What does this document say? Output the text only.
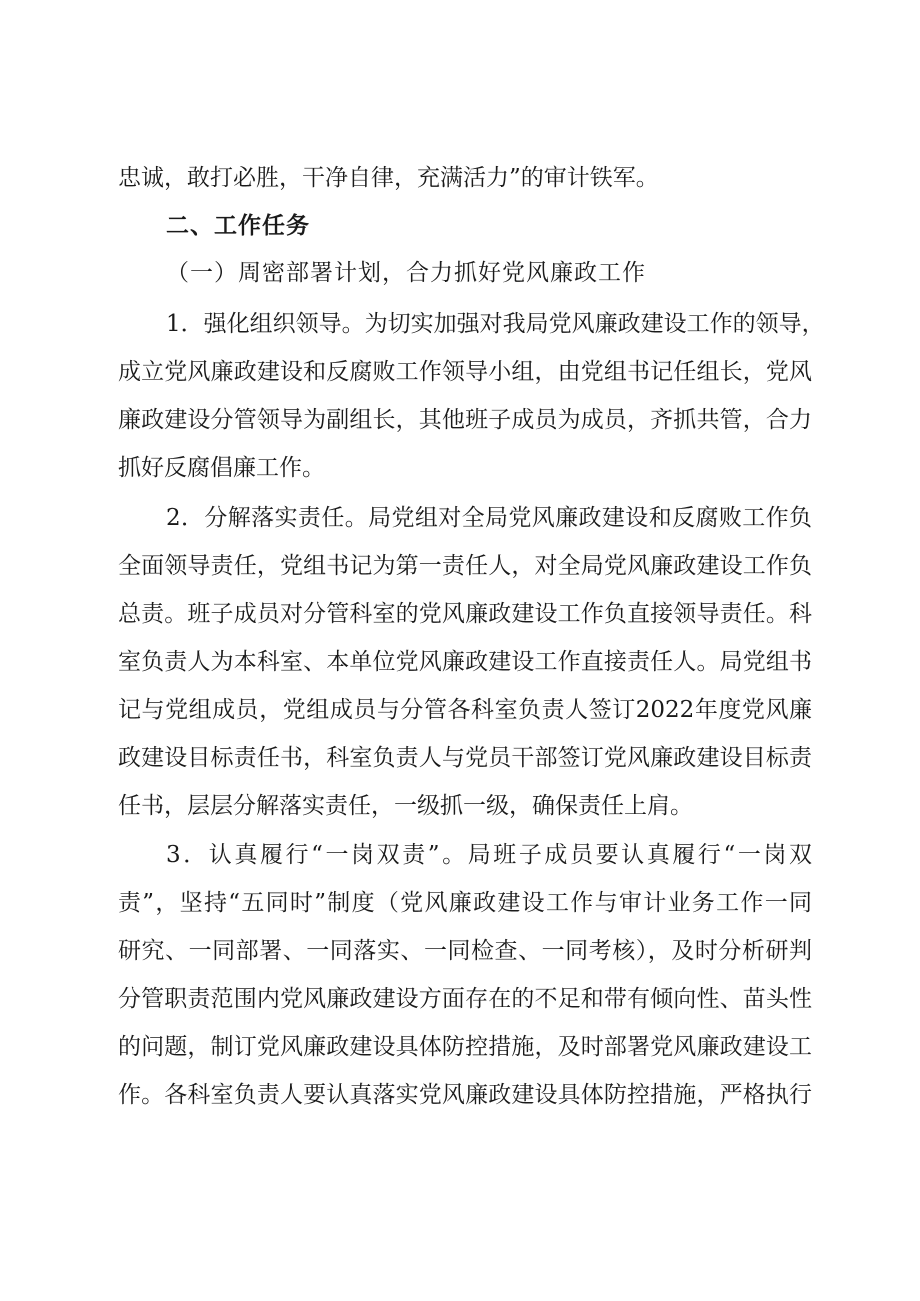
忠诚，敢打必胜，干净自律，充满活力”的审计铁军。
二、工作任务
（一）周密部署计划，合力抓好党风廉政工作
1．强化组织领导。为切实加强对我局党风廉政建设工作的领导，
成立党风廉政建设和反腐败工作领导小组，由党组书记任组长，党风
廉政建设分管领导为副组长，其他班子成员为成员，齐抓共管，合力
抓好反腐倡廉工作。
2．分解落实责任。局党组对全局党风廉政建设和反腐败工作负
全面领导责任，党组书记为第一责任人，对全局党风廉政建设工作负
总责。班子成员对分管科室的党风廉政建设工作负直接领导责任。科
室负责人为本科室、本单位党风廉政建设工作直接责任人。局党组书
记与党组成员，党组成员与分管各科室负责人签订2022年度党风廉
政建设目标责任书，科室负责人与党员干部签订党风廉政建设目标责
任书，层层分解落实责任，一级抓一级，确保责任上肩。
3．认真履行“一岗双责”。局班子成员要认真履行“一岗双
责”，坚持“五同时”制度（党风廉政建设工作与审计业务工作一同
研究、一同部署、一同落实、一同检查、一同考核），及时分析研判
分管职责范围内党风廉政建设方面存在的不足和带有倾向性、苗头性
的问题，制订党风廉政建设具体防控措施，及时部署党风廉政建设工
作。各科室负责人要认真落实党风廉政建设具体防控措施，严格执行
